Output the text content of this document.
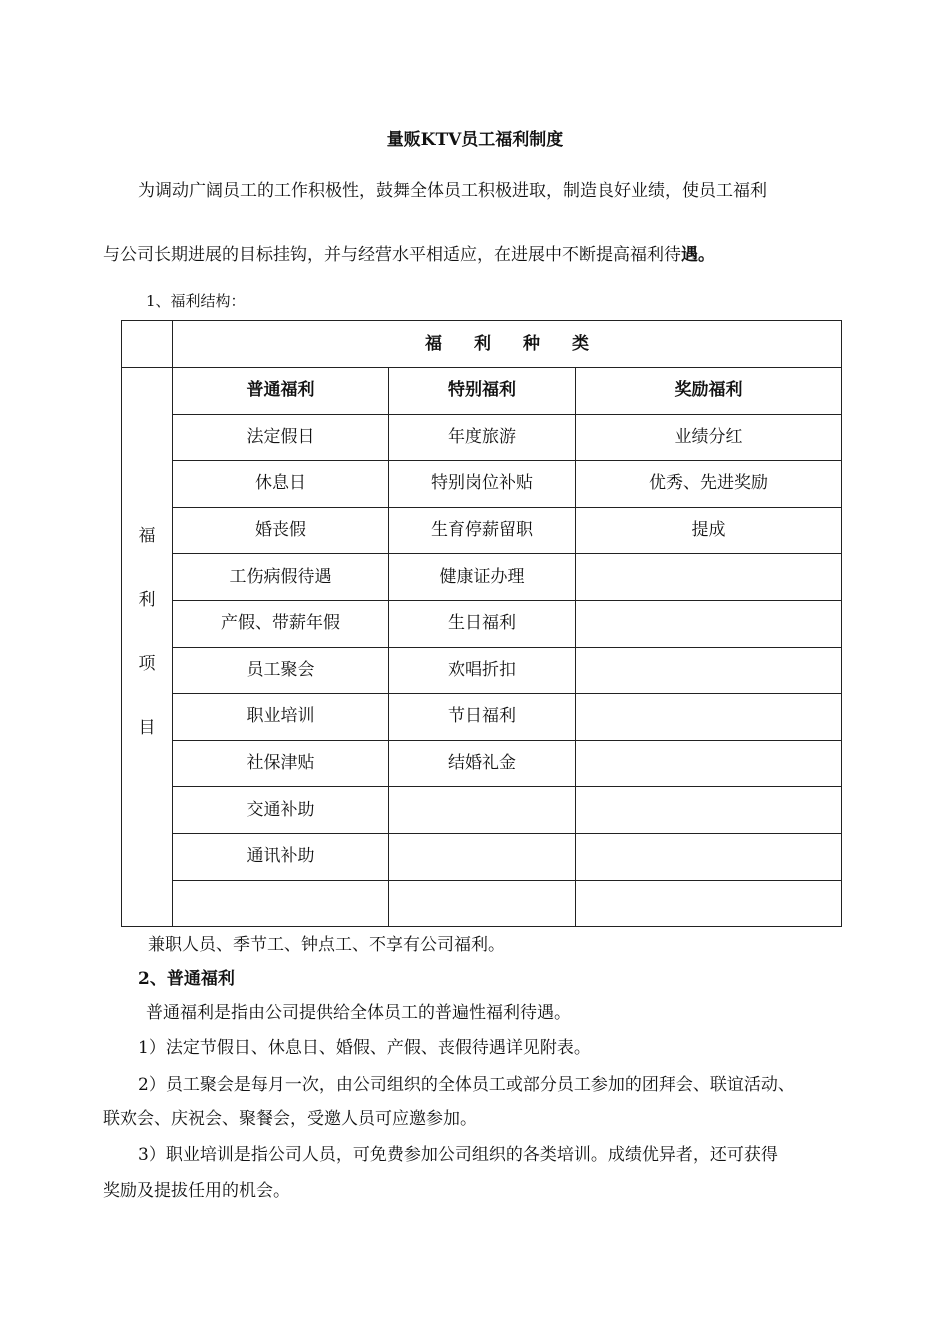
量贩KTV员工福利制度
为调动广阔员工的工作积极性，鼓舞全体员工积极进取，制造良好业绩，使员工福利
与公司长期进展的目标挂钩，并与经营水平相适应，在进展中不断提高福利待遇。
1、福利结构：
	福利种类		

福
利
项
目	普通福利	特别福利	奖励福利
	法定假日	年度旅游	业绩分红
	休息日	特别岗位补贴	优秀、先进奖励
	婚丧假	生育停薪留职	提成
	工伤病假待遇	健康证办理	
	产假、带薪年假	生日福利	
	员工聚会	欢唱折扣	
	职业培训	节日福利	
	社保津贴	结婚礼金	
	交通补助		
	通讯补助		

兼职人员、季节工、钟点工、不享有公司福利。
2、普通福利
普通福利是指由公司提供给全体员工的普遍性福利待遇。
1）法定节假日、休息日、婚假、产假、丧假待遇详见附表。
2）员工聚会是每月一次，由公司组织的全体员工或部分员工参加的团拜会、联谊活动、
联欢会、庆祝会、聚餐会，受邀人员可应邀参加。
3）职业培训是指公司人员，可免费参加公司组织的各类培训。成绩优异者，还可获得
奖励及提拔任用的机会。
